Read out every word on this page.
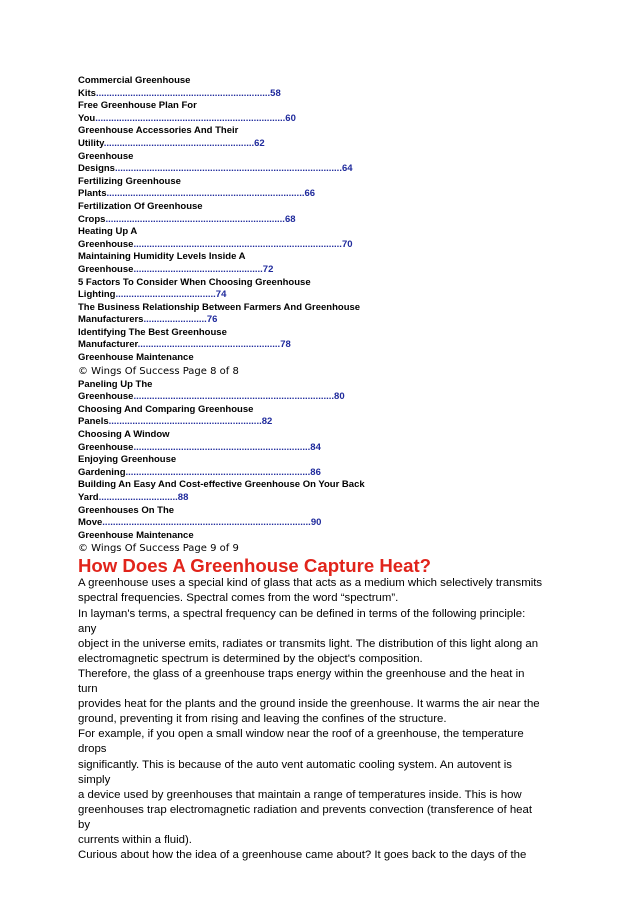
Commercial Greenhouse
Kits..................................................................58
Free Greenhouse Plan For
You........................................................................60
Greenhouse Accessories And Their
Utility.........................................................62
Greenhouse
Designs......................................................................................64
Fertilizing Greenhouse
Plants...........................................................................66
Fertilization Of Greenhouse
Crops....................................................................68
Heating Up A
Greenhouse...............................................................................70
Maintaining Humidity Levels Inside A
Greenhouse.................................................72
5 Factors To Consider When Choosing Greenhouse
Lighting......................................74
The Business Relationship Between Farmers And Greenhouse
Manufacturers........................76
Identifying The Best Greenhouse
Manufacturer......................................................78
Greenhouse Maintenance
© Wings Of Success Page 8 of 8
Paneling Up The
Greenhouse............................................................................80
Choosing And Comparing Greenhouse
Panels..........................................................82
Choosing A Window
Greenhouse...................................................................84
Enjoying Greenhouse
Gardening......................................................................86
Building An Easy And Cost-effective Greenhouse On Your Back
Yard..............................88
Greenhouses On The
Move...............................................................................90
Greenhouse Maintenance
© Wings Of Success Page 9 of 9
How Does A Greenhouse Capture Heat?
A greenhouse uses a special kind of glass that acts as a medium which selectively transmits
spectral frequencies. Spectral comes from the word “spectrum”.
In layman's terms, a spectral frequency can be defined in terms of the following principle:
any
object in the universe emits, radiates or transmits light. The distribution of this light along an
electromagnetic spectrum is determined by the object's composition.
Therefore, the glass of a greenhouse traps energy within the greenhouse and the heat in
turn
provides heat for the plants and the ground inside the greenhouse. It warms the air near the
ground, preventing it from rising and leaving the confines of the structure.
For example, if you open a small window near the roof of a greenhouse, the temperature
drops
significantly. This is because of the auto vent automatic cooling system. An autovent is
simply
a device used by greenhouses that maintain a range of temperatures inside. This is how
greenhouses trap electromagnetic radiation and prevents convection (transference of heat
by
currents within a fluid).
Curious about how the idea of a greenhouse came about? It goes back to the days of the
